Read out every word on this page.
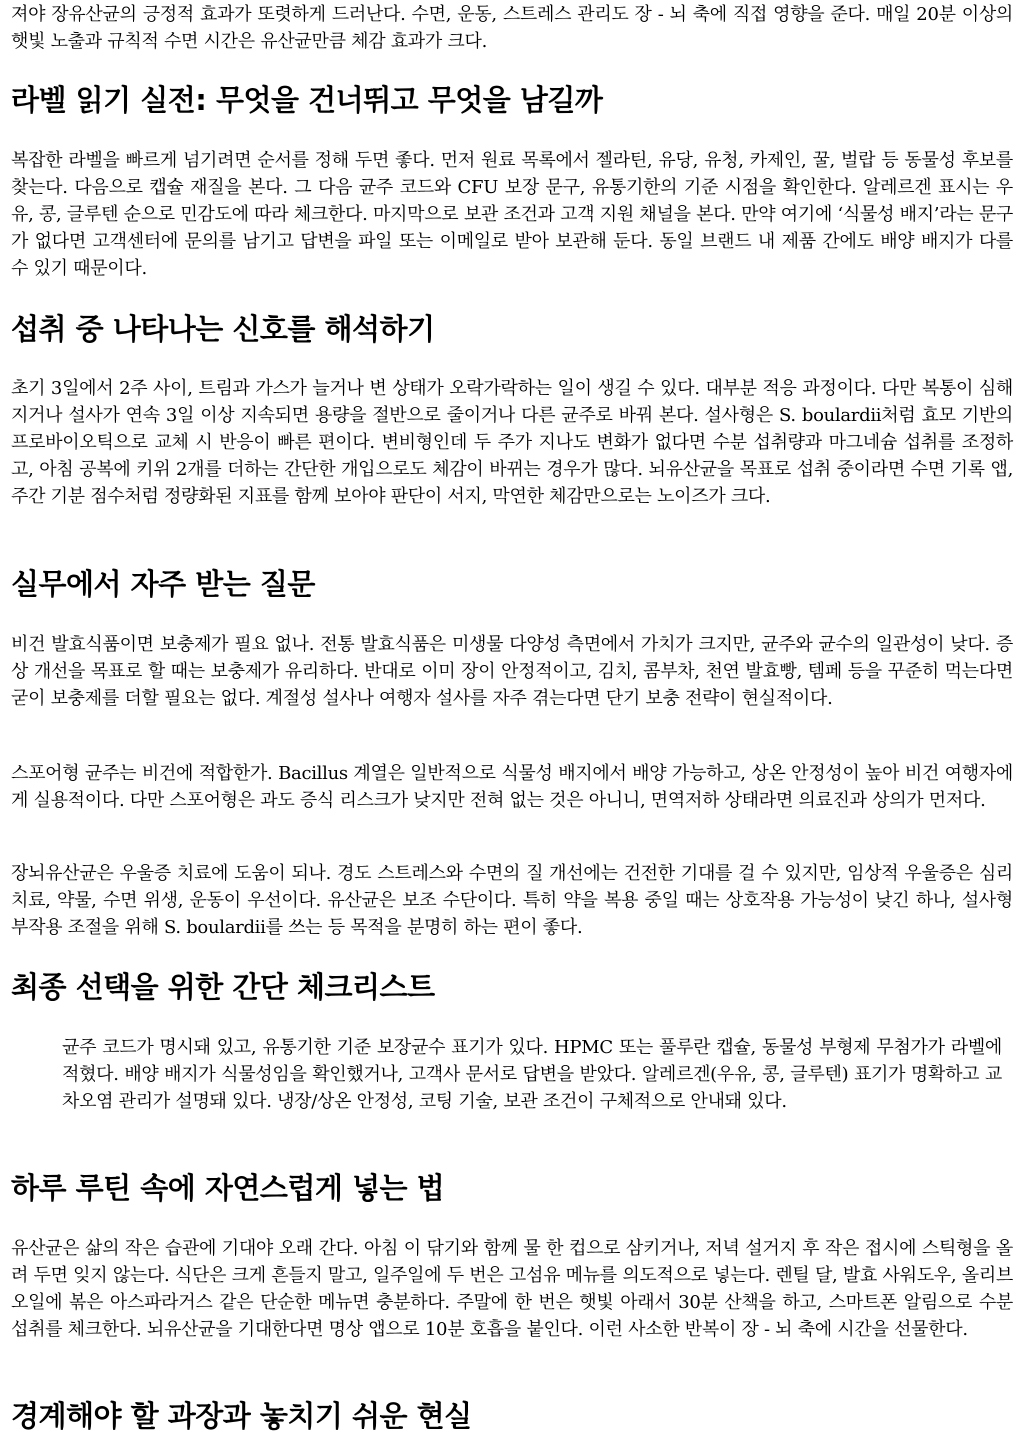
져야 장유산균의 긍정적 효과가 또렷하게 드러난다. 수면, 운동, 스트레스 관리도 장 - 뇌 축에 직접 영향을 준다. 매일 20분 이상의 햇빛 노출과 규칙적 수면 시간은 유산균만큼 체감 효과가 크다.

라벨 읽기 실전: 무엇을 건너뛰고 무엇을 남길까

복잡한 라벨을 빠르게 넘기려면 순서를 정해 두면 좋다. 먼저 원료 목록에서 젤라틴, 유당, 유청, 카제인, 꿀, 벌랍 등 동물성 후보를 찾는다. 다음으로 캡슐 재질을 본다. 그 다음 균주 코드와 CFU 보장 문구, 유통기한의 기준 시점을 확인한다. 알레르겐 표시는 우유, 콩, 글루텐 순으로 민감도에 따라 체크한다. 마지막으로 보관 조건과 고객 지원 채널을 본다. 만약 여기에 ‘식물성 배지’라는 문구가 없다면 고객센터에 문의를 남기고 답변을 파일 또는 이메일로 받아 보관해 둔다. 동일 브랜드 내 제품 간에도 배양 배지가 다를 수 있기 때문이다.

섭취 중 나타나는 신호를 해석하기

초기 3일에서 2주 사이, 트림과 가스가 늘거나 변 상태가 오락가락하는 일이 생길 수 있다. 대부분 적응 과정이다. 다만 복통이 심해지거나 설사가 연속 3일 이상 지속되면 용량을 절반으로 줄이거나 다른 균주로 바꿔 본다. 설사형은 S. boulardii처럼 효모 기반의 프로바이오틱으로 교체 시 반응이 빠른 편이다. 변비형인데 두 주가 지나도 변화가 없다면 수분 섭취량과 마그네슘 섭취를 조정하고, 아침 공복에 키위 2개를 더하는 간단한 개입으로도 체감이 바뀌는 경우가 많다. 뇌유산균을 목표로 섭취 중이라면 수면 기록 앱, 주간 기분 점수처럼 정량화된 지표를 함께 보아야 판단이 서지, 막연한 체감만으로는 노이즈가 크다.

실무에서 자주 받는 질문

비건 발효식품이면 보충제가 필요 없나. 전통 발효식품은 미생물 다양성 측면에서 가치가 크지만, 균주와 균수의 일관성이 낮다. 증상 개선을 목표로 할 때는 보충제가 유리하다. 반대로 이미 장이 안정적이고, 김치, 콤부차, 천연 발효빵, 템페 등을 꾸준히 먹는다면 굳이 보충제를 더할 필요는 없다. 계절성 설사나 여행자 설사를 자주 겪는다면 단기 보충 전략이 현실적이다.

스포어형 균주는 비건에 적합한가. Bacillus 계열은 일반적으로 식물성 배지에서 배양 가능하고, 상온 안정성이 높아 비건 여행자에게 실용적이다. 다만 스포어형은 과도 증식 리스크가 낮지만 전혀 없는 것은 아니니, 면역저하 상태라면 의료진과 상의가 먼저다.

장뇌유산균은 우울증 치료에 도움이 되나. 경도 스트레스와 수면의 질 개선에는 건전한 기대를 걸 수 있지만, 임상적 우울증은 심리치료, 약물, 수면 위생, 운동이 우선이다. 유산균은 보조 수단이다. 특히 약을 복용 중일 때는 상호작용 가능성이 낮긴 하나, 설사형 부작용 조절을 위해 S. boulardii를 쓰는 등 목적을 분명히 하는 편이 좋다.

최종 선택을 위한 간단 체크리스트

균주 코드가 명시돼 있고, 유통기한 기준 보장균수 표기가 있다. HPMC 또는 풀루란 캡슐, 동물성 부형제 무첨가가 라벨에 적혔다. 배양 배지가 식물성임을 확인했거나, 고객사 문서로 답변을 받았다. 알레르겐(우유, 콩, 글루텐) 표기가 명확하고 교차오염 관리가 설명돼 있다. 냉장/상온 안정성, 코팅 기술, 보관 조건이 구체적으로 안내돼 있다.

하루 루틴 속에 자연스럽게 넣는 법

유산균은 삶의 작은 습관에 기대야 오래 간다. 아침 이 닦기와 함께 물 한 컵으로 삼키거나, 저녁 설거지 후 작은 접시에 스틱형을 올려 두면 잊지 않는다. 식단은 크게 흔들지 말고, 일주일에 두 번은 고섬유 메뉴를 의도적으로 넣는다. 렌틸 달, 발효 사워도우, 올리브 오일에 볶은 아스파라거스 같은 단순한 메뉴면 충분하다. 주말에 한 번은 햇빛 아래서 30분 산책을 하고, 스마트폰 알림으로 수분 섭취를 체크한다. 뇌유산균을 기대한다면 명상 앱으로 10분 호흡을 붙인다. 이런 사소한 반복이 장 - 뇌 축에 시간을 선물한다.

경계해야 할 과장과 놓치기 쉬운 현실
